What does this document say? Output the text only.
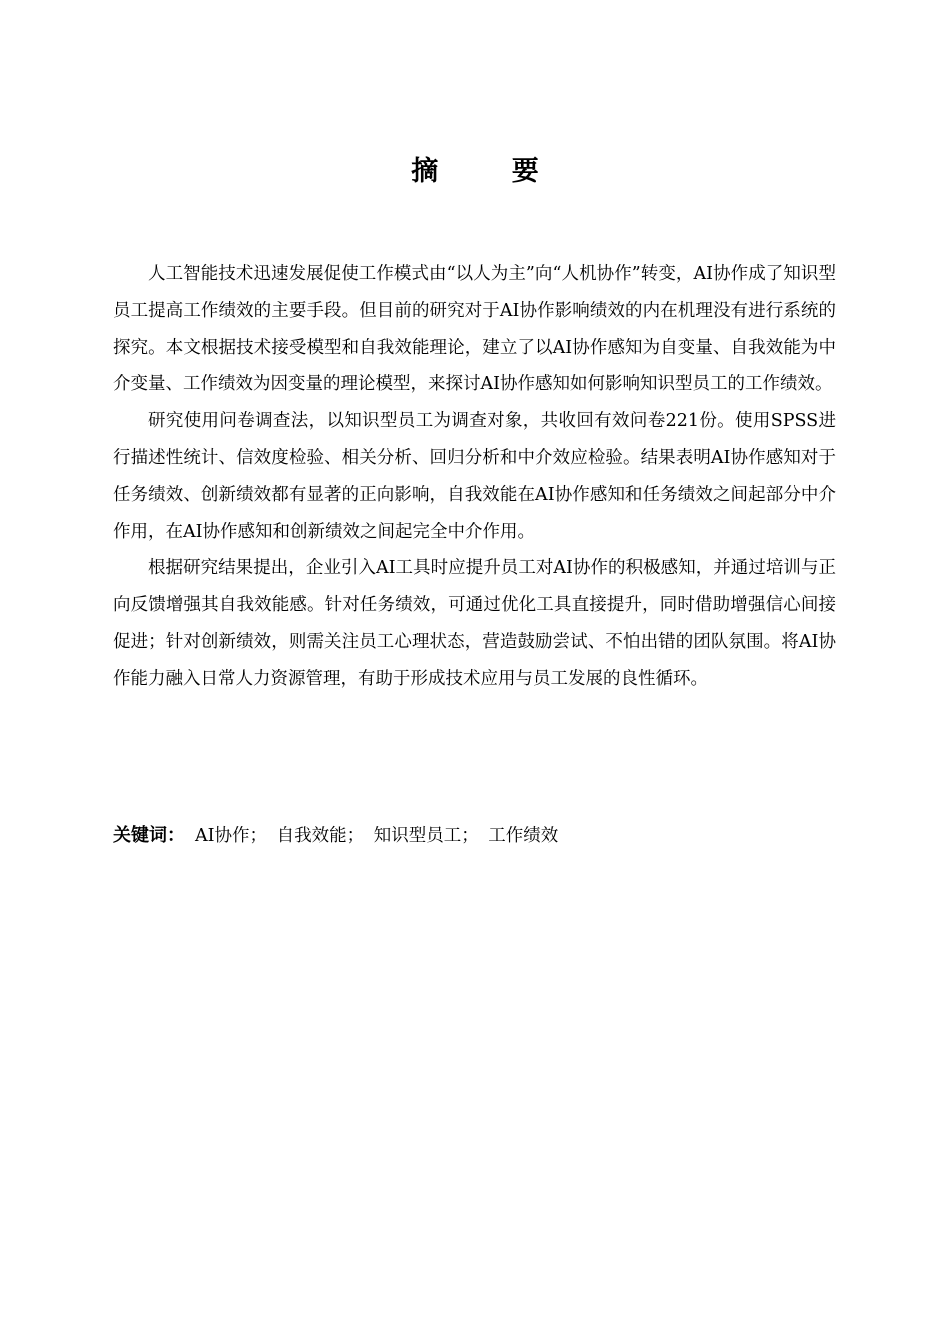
摘 要

人工智能技术迅速发展促使工作模式由“以人为主”向“人机协作”转变，AI协作成了知识型员工提高工作绩效的主要手段。但目前的研究对于AI协作影响绩效的内在机理没有进行系统的探究。本文根据技术接受模型和自我效能理论，建立了以AI协作感知为自变量、自我效能为中介变量、工作绩效为因变量的理论模型，来探讨AI协作感知如何影响知识型员工的工作绩效。

研究使用问卷调查法，以知识型员工为调查对象，共收回有效问卷221份。使用SPSS进行描述性统计、信效度检验、相关分析、回归分析和中介效应检验。结果表明AI协作感知对于任务绩效、创新绩效都有显著的正向影响，自我效能在AI协作感知和任务绩效之间起部分中介作用，在AI协作感知和创新绩效之间起完全中介作用。

根据研究结果提出，企业引入AI工具时应提升员工对AI协作的积极感知，并通过培训与正向反馈增强其自我效能感。针对任务绩效，可通过优化工具直接提升，同时借助增强信心间接促进；针对创新绩效，则需关注员工心理状态，营造鼓励尝试、不怕出错的团队氛围。将AI协作能力融入日常人力资源管理，有助于形成技术应用与员工发展的良性循环。

关键词： AI协作； 自我效能； 知识型员工； 工作绩效
